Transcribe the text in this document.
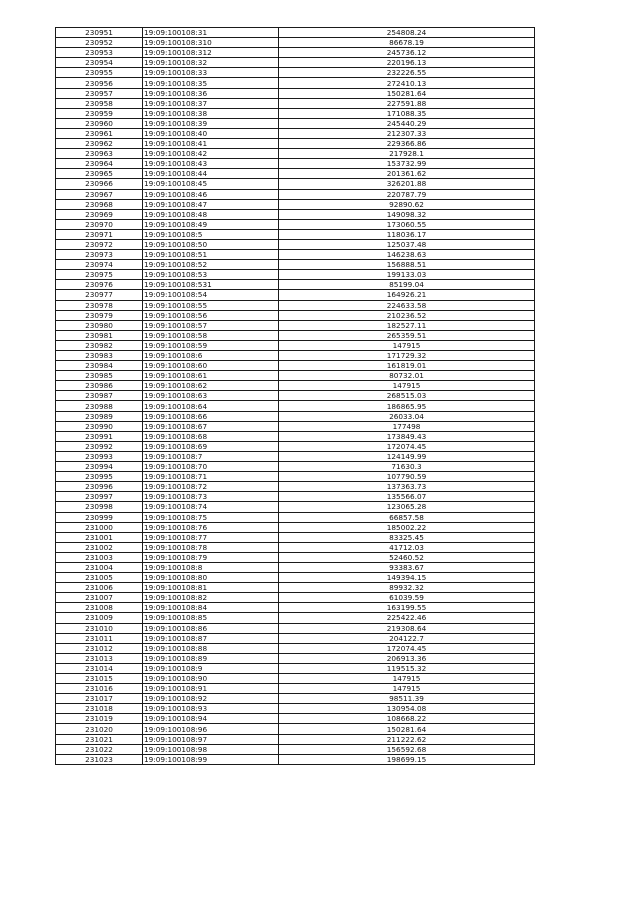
230951	19:09:100108:31	254808.24
230952	19:09:100108:310	86678.19
230953	19:09:100108:312	245736.12
230954	19:09:100108:32	220196.13
230955	19:09:100108:33	232226.55
230956	19:09:100108:35	272410.13
230957	19:09:100108:36	150281.64
230958	19:09:100108:37	227591.88
230959	19:09:100108:38	171088.35
230960	19:09:100108:39	245440.29
230961	19:09:100108:40	212307.33
230962	19:09:100108:41	229366.86
230963	19:09:100108:42	217928.1
230964	19:09:100108:43	153732.99
230965	19:09:100108:44	201361.62
230966	19:09:100108:45	326201.88
230967	19:09:100108:46	220787.79
230968	19:09:100108:47	92890.62
230969	19:09:100108:48	149098.32
230970	19:09:100108:49	173060.55
230971	19:09:100108:5	118036.17
230972	19:09:100108:50	125037.48
230973	19:09:100108:51	146238.63
230974	19:09:100108:52	156888.51
230975	19:09:100108:53	199133.03
230976	19:09:100108:531	85199.04
230977	19:09:100108:54	164926.21
230978	19:09:100108:55	224633.58
230979	19:09:100108:56	210236.52
230980	19:09:100108:57	182527.11
230981	19:09:100108:58	265359.51
230982	19:09:100108:59	147915
230983	19:09:100108:6	171729.32
230984	19:09:100108:60	161819.01
230985	19:09:100108:61	80732.01
230986	19:09:100108:62	147915
230987	19:09:100108:63	268515.03
230988	19:09:100108:64	186865.95
230989	19:09:100108:66	26033.04
230990	19:09:100108:67	177498
230991	19:09:100108:68	173849.43
230992	19:09:100108:69	172074.45
230993	19:09:100108:7	124149.99
230994	19:09:100108:70	71630.3
230995	19:09:100108:71	107790.59
230996	19:09:100108:72	137363.73
230997	19:09:100108:73	135566.07
230998	19:09:100108:74	123065.28
230999	19:09:100108:75	66857.58
231000	19:09:100108:76	185002.22
231001	19:09:100108:77	83325.45
231002	19:09:100108:78	41712.03
231003	19:09:100108:79	52460.52
231004	19:09:100108:8	93383.67
231005	19:09:100108:80	149394.15
231006	19:09:100108:81	89932.32
231007	19:09:100108:82	61039.59
231008	19:09:100108:84	163199.55
231009	19:09:100108:85	225422.46
231010	19:09:100108:86	219308.64
231011	19:09:100108:87	204122.7
231012	19:09:100108:88	172074.45
231013	19:09:100108:89	206913.36
231014	19:09:100108:9	119515.32
231015	19:09:100108:90	147915
231016	19:09:100108:91	147915
231017	19:09:100108:92	98511.39
231018	19:09:100108:93	130954.08
231019	19:09:100108:94	108668.22
231020	19:09:100108:96	150281.64
231021	19:09:100108:97	211222.62
231022	19:09:100108:98	156592.68
231023	19:09:100108:99	198699.15
